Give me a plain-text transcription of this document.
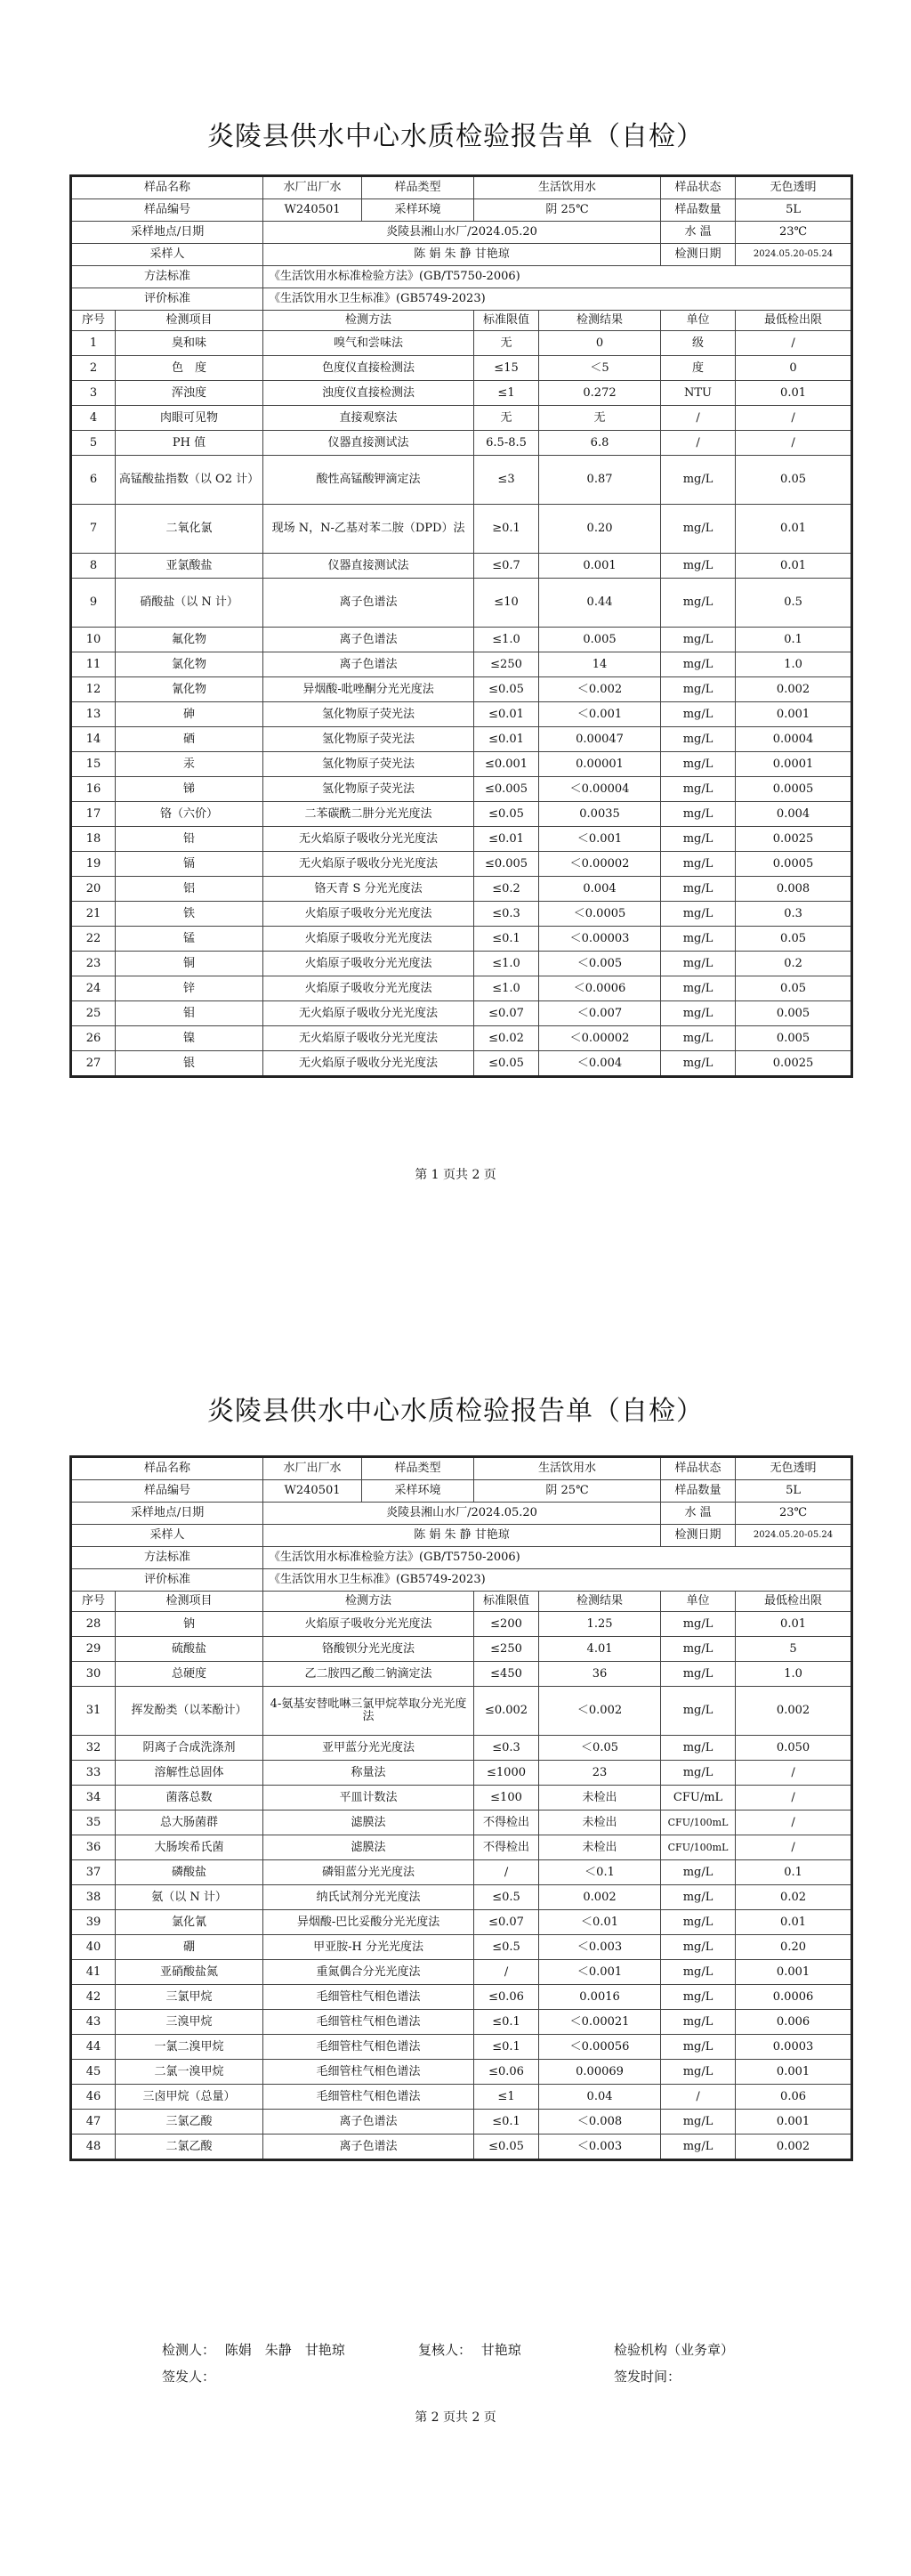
炎陵县供水中心水质检验报告单（自检）
样品名称		水厂出厂水 样品类型	生活饮用水		样品状态	无色透明
样品编号		W240501 采样环境	阴 25℃		样品数量	5L
采样地点/日期		炎陵县湘山水厂/2024.05.20			水 温	23℃
采样人		陈 娟 朱 静 甘艳琼			检测日期	2024.05.20-05.24
方法标准		《生活饮用水标准检验方法》(GB/T5750-2006)				
评价标准		《生活饮用水卫生标准》(GB5749-2023)				
序号	检测项目	检测方法	标准限值	检测结果	单位	最低检出限
1	臭和味	嗅气和尝味法	无	0	级	/
2	色　度	色度仪直接检测法	≤15	＜5	度	0
3	浑浊度	浊度仪直接检测法	≤1	0.272	NTU	0.01
4	肉眼可见物	直接观察法	无	无	/	/
5	PH 值	仪器直接测试法	6.5-8.5	6.8	/	/
6	高锰酸盐指数（以 O2 计）	酸性高锰酸钾滴定法	≤3	0.87	mg/L	0.05
7	二氧化氯	现场 N，N-乙基对苯二胺（DPD）法	≥0.1	0.20	mg/L	0.01
8	亚氯酸盐	仪器直接测试法	≤0.7	0.001	mg/L	0.01
9	硝酸盐（以 N 计）	离子色谱法	≤10	0.44	mg/L	0.5
10	氟化物	离子色谱法	≤1.0	0.005	mg/L	0.1
11	氯化物	离子色谱法	≤250	14	mg/L	1.0
12	氰化物	异烟酸-吡唑酮分光光度法	≤0.05	＜0.002	mg/L	0.002
13	砷	氢化物原子荧光法	≤0.01	＜0.001	mg/L	0.001
14	硒	氢化物原子荧光法	≤0.01	0.00047	mg/L	0.0004
15	汞	氢化物原子荧光法	≤0.001	0.00001	mg/L	0.0001
16	锑	氢化物原子荧光法	≤0.005	＜0.00004	mg/L	0.0005
17	铬（六价）	二苯碳酰二肼分光光度法	≤0.05	0.0035	mg/L	0.004
18	铅	无火焰原子吸收分光光度法	≤0.01	＜0.001	mg/L	0.0025
19	镉	无火焰原子吸收分光光度法	≤0.005	＜0.00002	mg/L	0.0005
20	铝	铬天青 S 分光光度法	≤0.2	0.004	mg/L	0.008
21	铁	火焰原子吸收分光光度法	≤0.3	＜0.0005	mg/L	0.3
22	锰	火焰原子吸收分光光度法	≤0.1	＜0.00003	mg/L	0.05
23	铜	火焰原子吸收分光光度法	≤1.0	＜0.005	mg/L	0.2
24	锌	火焰原子吸收分光光度法	≤1.0	＜0.0006	mg/L	0.05
25	钼	无火焰原子吸收分光光度法	≤0.07	＜0.007	mg/L	0.005
26	镍	无火焰原子吸收分光光度法	≤0.02	＜0.00002	mg/L	0.005
27	银	无火焰原子吸收分光光度法	≤0.05	＜0.004	mg/L	0.0025
第 1 页共 2 页
炎陵县供水中心水质检验报告单（自检）
样品名称		水厂出厂水 样品类型	生活饮用水		样品状态	无色透明
样品编号		W240501 采样环境	阴 25℃		样品数量	5L
采样地点/日期		炎陵县湘山水厂/2024.05.20			水 温	23℃
采样人		陈 娟 朱 静 甘艳琼			检测日期	2024.05.20-05.24
方法标准		《生活饮用水标准检验方法》(GB/T5750-2006)				
评价标准		《生活饮用水卫生标准》(GB5749-2023)				
序号	检测项目	检测方法	标准限值	检测结果	单位	最低检出限
28	钠	火焰原子吸收分光光度法	≤200	1.25	mg/L	0.01
29	硫酸盐	铬酸钡分光光度法	≤250	4.01	mg/L	5
30	总硬度	乙二胺四乙酸二钠滴定法	≤450	36	mg/L	1.0
31	挥发酚类（以苯酚计）	4-氨基安替吡啉三氯甲烷萃取分光光度法	≤0.002	＜0.002	mg/L	0.002
32	阴离子合成洗涤剂	亚甲蓝分光光度法	≤0.3	＜0.05	mg/L	0.050
33	溶解性总固体	称量法	≤1000	23	mg/L	/
34	菌落总数	平皿计数法	≤100	未检出	CFU/mL	/
35	总大肠菌群	滤膜法	不得检出	未检出	CFU/100mL	/
36	大肠埃希氏菌	滤膜法	不得检出	未检出	CFU/100mL	/
37	磷酸盐	磷钼蓝分光光度法	/	＜0.1	mg/L	0.1
38	氨（以 N 计）	纳氏试剂分光光度法	≤0.5	0.002	mg/L	0.02
39	氯化氰	异烟酸-巴比妥酸分光光度法	≤0.07	＜0.01	mg/L	0.01
40	硼	甲亚胺-H 分光光度法	≤0.5	＜0.003	mg/L	0.20
41	亚硝酸盐氮	重氮偶合分光光度法	/	＜0.001	mg/L	0.001
42	三氯甲烷	毛细管柱气相色谱法	≤0.06	0.0016	mg/L	0.0006
43	三溴甲烷	毛细管柱气相色谱法	≤0.1	＜0.00021	mg/L	0.006
44	一氯二溴甲烷	毛细管柱气相色谱法	≤0.1	＜0.00056	mg/L	0.0003
45	二氯一溴甲烷	毛细管柱气相色谱法	≤0.06	0.00069	mg/L	0.001
46	三卤甲烷（总量）	毛细管柱气相色谱法	≤1	0.04	/	0.06
47	三氯乙酸	离子色谱法	≤0.1	＜0.008	mg/L	0.001
48	二氯乙酸	离子色谱法	≤0.05	＜0.003	mg/L	0.002
检测人： 陈娟　朱静　甘艳琼	复核人： 甘艳琼	检验机构（业务章）
签发人：	签发时间：
第 2 页共 2 页
